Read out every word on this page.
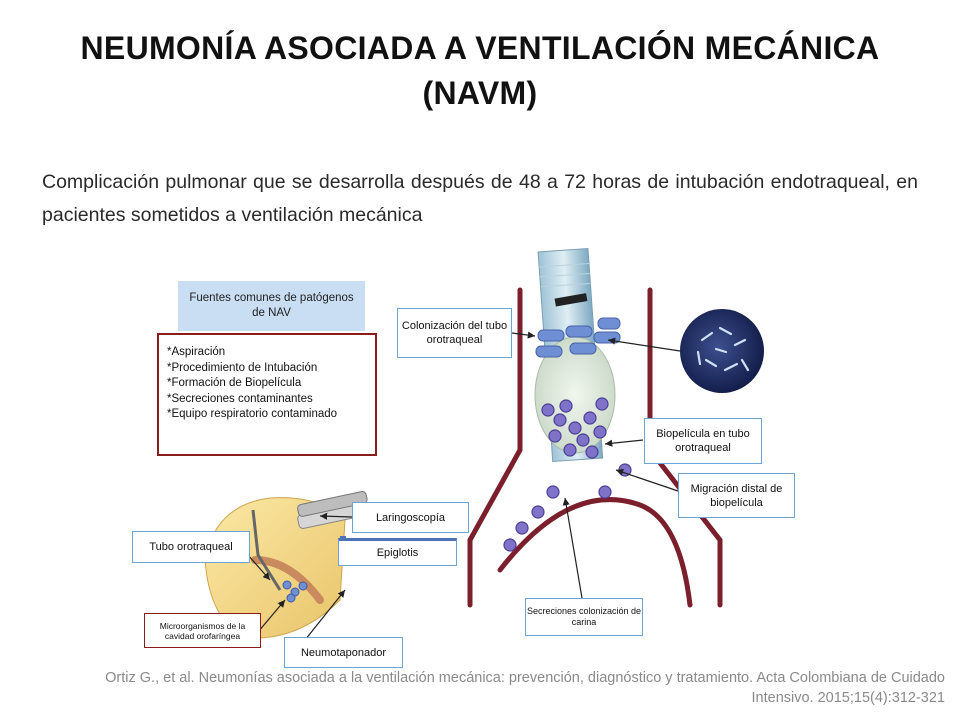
NEUMONÍA ASOCIADA A VENTILACIÓN MECÁNICA (NAVM)
Complicación pulmonar que se desarrolla después de 48 a 72 horas de intubación endotraqueal, en pacientes sometidos a ventilación mecánica
Fuentes comunes de patógenos de NAV
*Aspiración
*Procedimiento de Intubación
*Formación de Biopelícula
*Secreciones contaminantes
*Equipo respiratorio contaminado
Colonización del tubo orotraqueal
Biopelícula en tubo orotraqueal
Migración distal de biopelícula
Secreciones colonización de carina
Laringoscopía
Epiglotis
Tubo orotraqueal
Microorganismos de la cavidad orofaríngea
Neumotaponador
Ortiz G., et al. Neumonías asociada a la ventilación mecánica: prevención, diagnóstico y tratamiento. Acta Colombiana de Cuidado Intensivo. 2015;15(4):312-321
